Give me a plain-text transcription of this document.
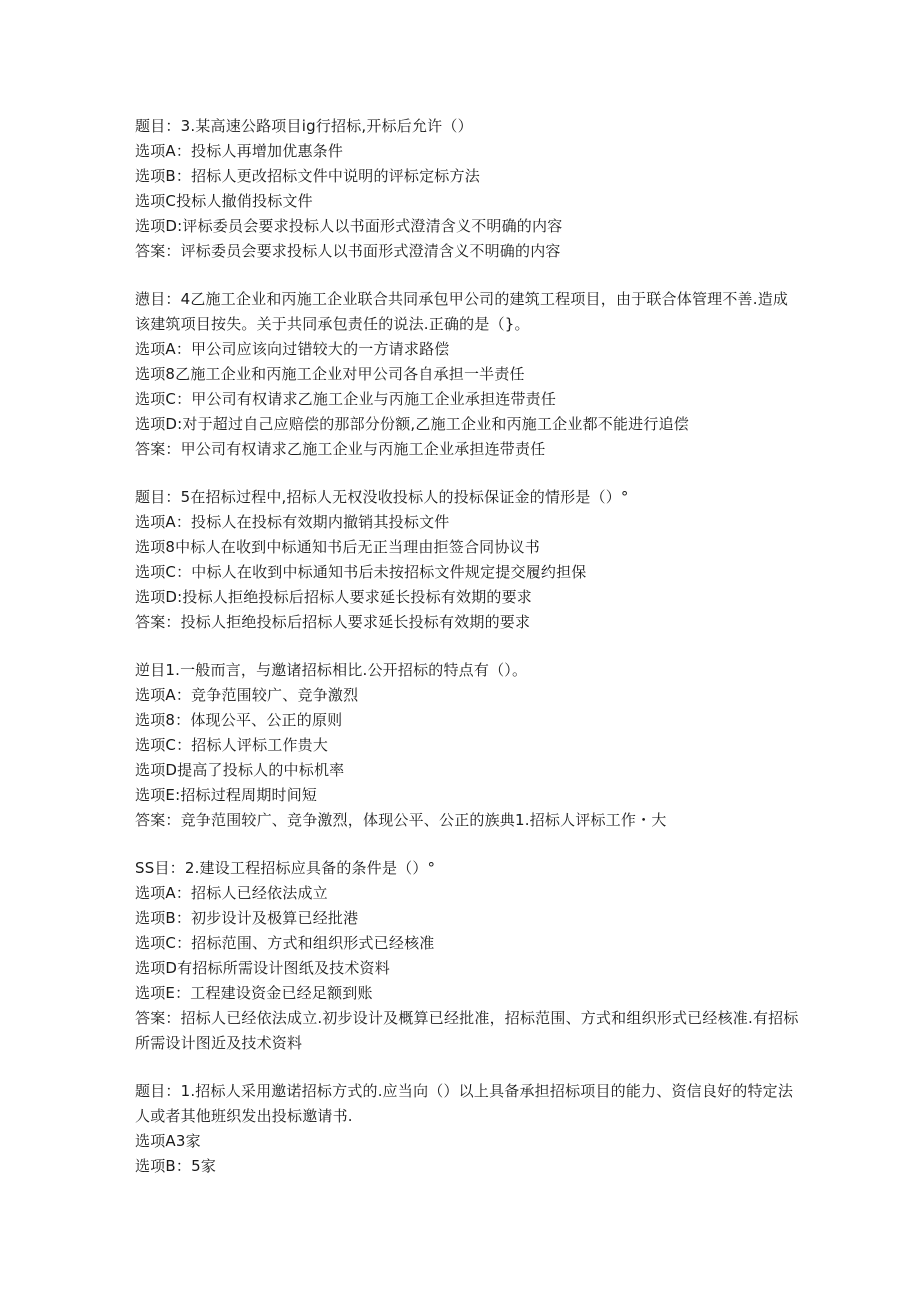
题目：3.某高速公路项目ig行招标,开标后允许（）
选项A：投标人再增加优惠条件
选项B：招标人更改招标文件中说明的评标定标方法
选项C投标人撤俏投标文件
选项D:评标委员会要求投标人以书面形式澄清含义不明确的内容
答案：评标委员会要求投标人以书面形式澄清含义不明确的内容
懑目：4乙施工企业和丙施工企业联合共同承包甲公司的建筑工程项目，由于联合体管理不善.造成该建筑项目按失。关于共同承包责任的说法.正确的是（}。
选项A：甲公司应该向过错较大的一方请求路偿
选项8乙施工企业和丙施工企业对甲公司各自承担一半责任
选项C：甲公司有权请求乙施工企业与丙施工企业承担连带责任
选项D:对于超过自己应赔偿的那部分份额,乙施工企业和丙施工企业都不能进行追偿
答案：甲公司有权请求乙施工企业与丙施工企业承担连带责任
题目：5在招标过程中,招标人无权没收投标人的投标保证金的情形是（）°
选项A：投标人在投标有效期内撤销其投标文件
选项8中标人在收到中标通知书后无正当理由拒签合同协议书
选项C：中标人在收到中标通知书后未按招标文件规定提交履约担保
选项D:投标人拒绝投标后招标人要求延长投标有效期的要求
答案：投标人拒绝投标后招标人要求延长投标有效期的要求
逆目1.一般而言，与邀诸招标相比.公开招标的特点有（）。
选项A：竞争范围较广、竞争激烈
选项8：体现公平、公正的原则
选项C：招标人评标工作贵大
选项D提高了投标人的中标机率
选项E:招标过程周期时间短
答案：竞争范围较广、竞争激烈，体现公平、公正的族典1.招标人评标工作・大
SS目：2.建设工程招标应具备的条件是（）°
选项A：招标人已经依法成立
选项B：初步设计及极算已经批港
选项C：招标范围、方式和组织形式已经核准
选项D有招标所需设计图纸及技术资料
选项E：工程建设资金已经足额到账
答案：招标人已经依法成立.初步设计及概算已经批准，招标范围、方式和组织形式已经核准.有招标所需设计图近及技术资料
题目：1.招标人采用邀诺招标方式的.应当向（）以上具备承担招标项目的能力、资信良好的特定法人或者其他班织发出投标邀请书.
选项A3家
选项B：5家
